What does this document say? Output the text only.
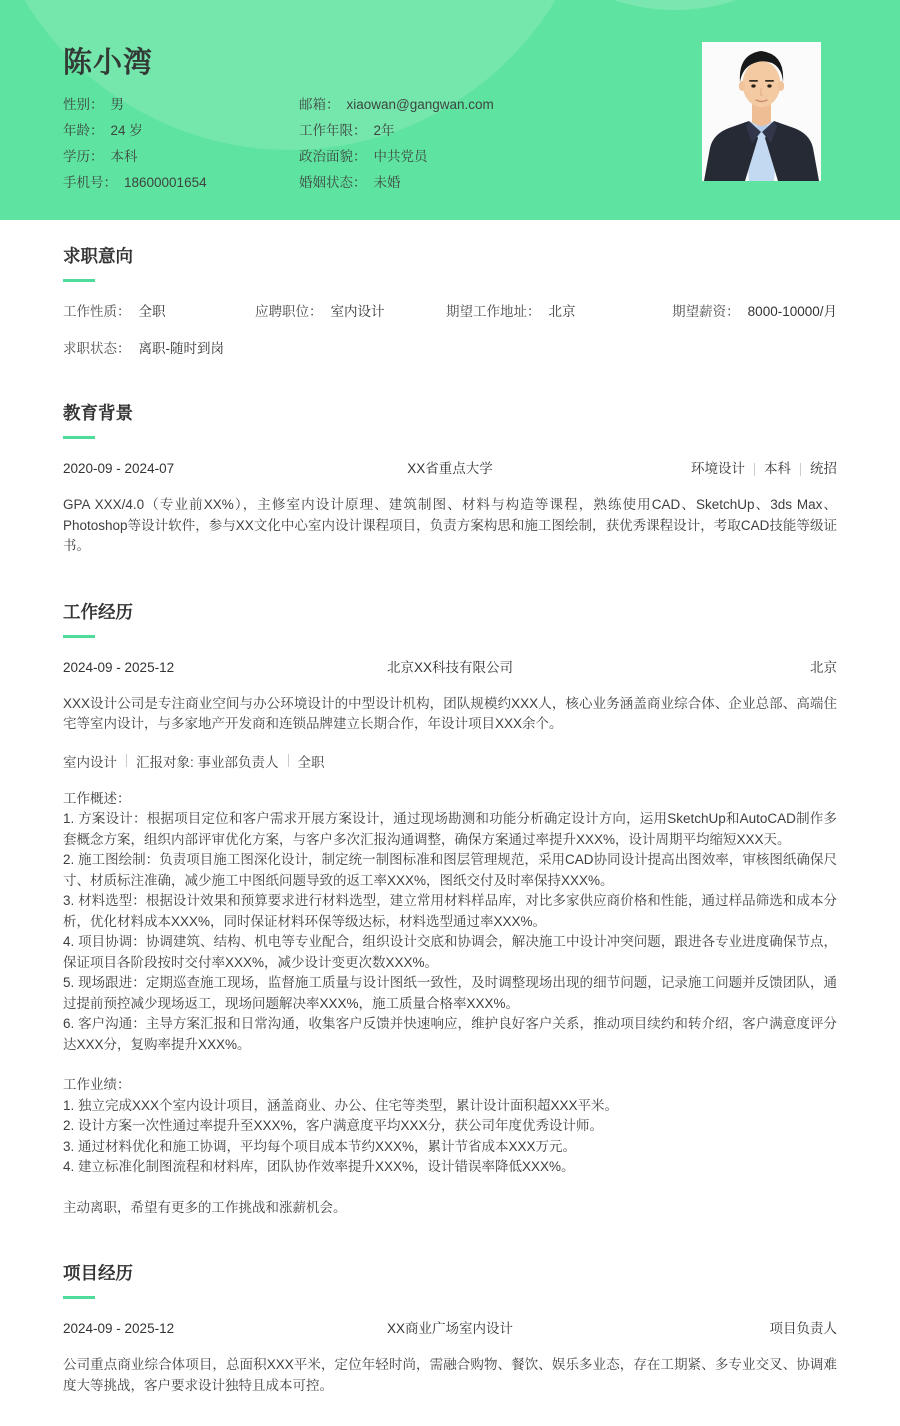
陈小湾
性别： 男
年龄： 24 岁
学历： 本科
手机号： 18600001654
邮箱： xiaowan@gangwan.com
工作年限： 2年
政治面貌： 中共党员
婚姻状态： 未婚
求职意向
工作性质： 全职	应聘职位： 室内设计	期望工作地址： 北京	期望薪资： 8000-10000/月
求职状态： 离职-随时到岗
教育背景
2020-09 - 2024-07	XX省重点大学	环境设计 本科 统招
GPA XXX/4.0（专业前XX%），主修室内设计原理、建筑制图、材料与构造等课程，熟练使用CAD、SketchUp、3ds Max、Photoshop等设计软件，参与XX文化中心室内设计课程项目，负责方案构思和施工图绘制，获优秀课程设计，考取CAD技能等级证书。
工作经历
2024-09 - 2025-12	北京XX科技有限公司	北京
XXX设计公司是专注商业空间与办公环境设计的中型设计机构，团队规模约XXX人，核心业务涵盖商业综合体、企业总部、高端住宅等室内设计，与多家地产开发商和连锁品牌建立长期合作，年设计项目XXX余个。
室内设计 汇报对象: 事业部负责人 全职
工作概述：
1. 方案设计：根据项目定位和客户需求开展方案设计，通过现场勘测和功能分析确定设计方向，运用SketchUp和AutoCAD制作多套概念方案，组织内部评审优化方案，与客户多次汇报沟通调整，确保方案通过率提升XXX%，设计周期平均缩短XXX天。
2. 施工图绘制：负责项目施工图深化设计，制定统一制图标准和图层管理规范，采用CAD协同设计提高出图效率，审核图纸确保尺寸、材质标注准确，减少施工中图纸问题导致的返工率XXX%，图纸交付及时率保持XXX%。
3. 材料选型：根据设计效果和预算要求进行材料选型，建立常用材料样品库，对比多家供应商价格和性能，通过样品筛选和成本分析，优化材料成本XXX%，同时保证材料环保等级达标，材料选型通过率XXX%。
4. 项目协调：协调建筑、结构、机电等专业配合，组织设计交底和协调会，解决施工中设计冲突问题，跟进各专业进度确保节点，保证项目各阶段按时交付率XXX%，减少设计变更次数XXX%。
5. 现场跟进：定期巡查施工现场，监督施工质量与设计图纸一致性，及时调整现场出现的细节问题，记录施工问题并反馈团队，通过提前预控减少现场返工，现场问题解决率XXX%，施工质量合格率XXX%。
6. 客户沟通：主导方案汇报和日常沟通，收集客户反馈并快速响应，维护良好客户关系，推动项目续约和转介绍，客户满意度评分达XXX分，复购率提升XXX%。
工作业绩：
1. 独立完成XXX个室内设计项目，涵盖商业、办公、住宅等类型，累计设计面积超XXX平米。
2. 设计方案一次性通过率提升至XXX%，客户满意度平均XXX分，获公司年度优秀设计师。
3. 通过材料优化和施工协调，平均每个项目成本节约XXX%，累计节省成本XXX万元。
4. 建立标准化制图流程和材料库，团队协作效率提升XXX%，设计错误率降低XXX%。
主动离职，希望有更多的工作挑战和涨薪机会。
项目经历
2024-09 - 2025-12	XX商业广场室内设计	项目负责人
公司重点商业综合体项目，总面积XXX平米，定位年轻时尚，需融合购物、餐饮、娱乐多业态，存在工期紧、多专业交叉、协调难度大等挑战，客户要求设计独特且成本可控。
